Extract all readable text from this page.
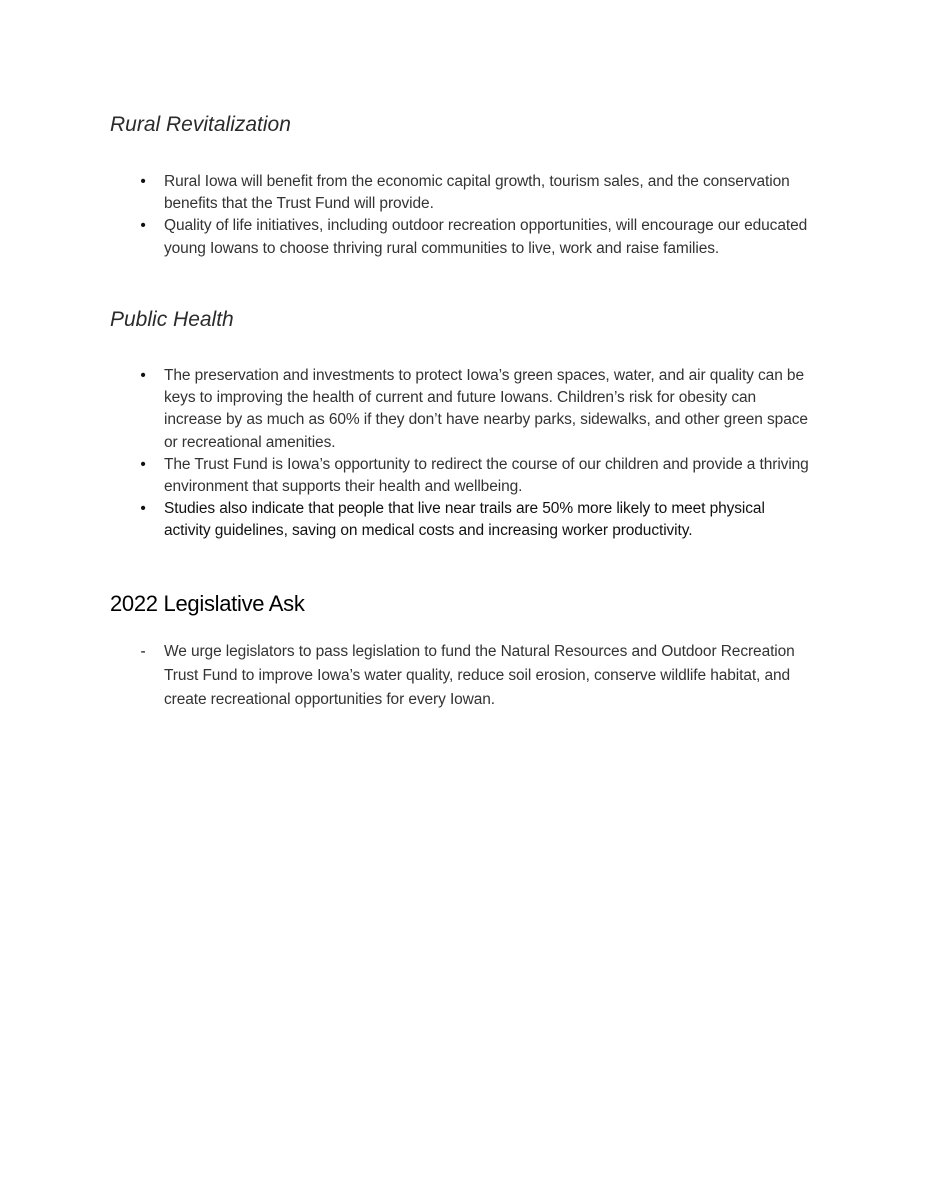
Rural Revitalization
• Rural Iowa will benefit from the economic capital growth, tourism sales, and the conservation benefits that the Trust Fund will provide.
• Quality of life initiatives, including outdoor recreation opportunities, will encourage our educated young Iowans to choose thriving rural communities to live, work and raise families.
Public Health
• The preservation and investments to protect Iowa’s green spaces, water, and air quality can be keys to improving the health of current and future Iowans. Children’s risk for obesity can increase by as much as 60% if they don’t have nearby parks, sidewalks, and other green space or recreational amenities.
• The Trust Fund is Iowa’s opportunity to redirect the course of our children and provide a thriving environment that supports their health and wellbeing.
• Studies also indicate that people that live near trails are 50% more likely to meet physical activity guidelines, saving on medical costs and increasing worker productivity.
2022 Legislative Ask
- We urge legislators to pass legislation to fund the Natural Resources and Outdoor Recreation Trust Fund to improve Iowa’s water quality, reduce soil erosion, conserve wildlife habitat, and create recreational opportunities for every Iowan.
